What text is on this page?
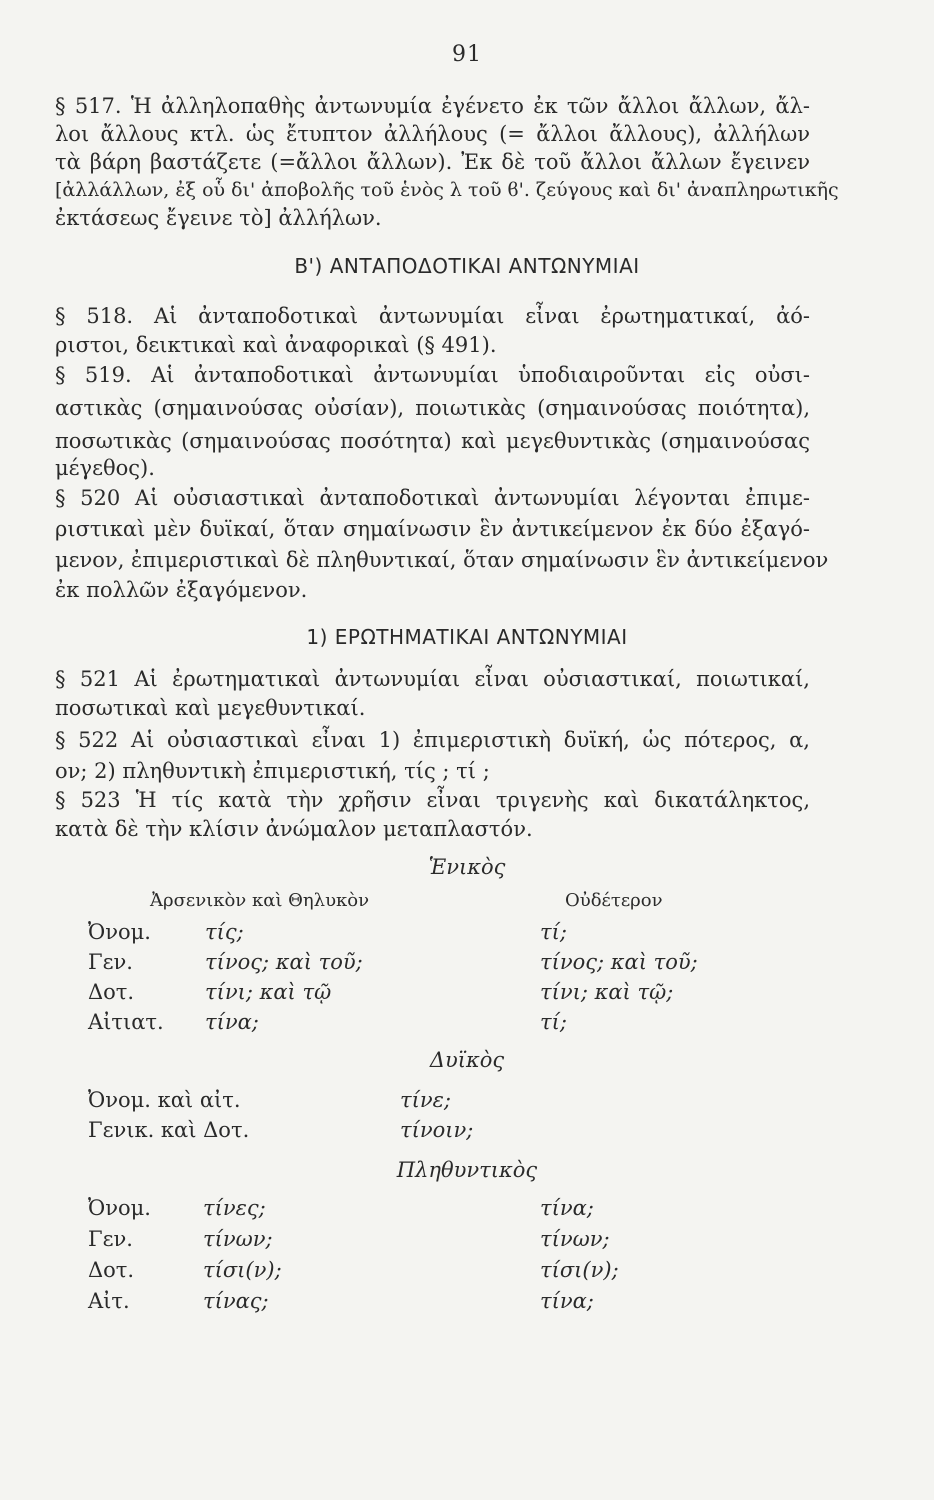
91
§ 517. Ἡ ἀλληλοπαθὴς ἀντωνυμία ἐγένετο ἐκ τῶν ἄλλοι ἄλλων, ἄλ-
λοι ἄλλους κτλ. ὡς ἔτυπτον ἀλλήλους (= ἄλλοι ἄλλους), ἀλλήλων
τὰ βάρη βαστάζετε (=ἄλλοι ἄλλων). Ἐκ δὲ τοῦ ἄλλοι ἄλλων ἔγεινεν
[ἀλλάλλων, ἐξ οὗ δι' ἀποβολῆς τοῦ ἑνὸς λ τοῦ ϐ'. ζεύγους καὶ δι' ἀναπληρωτικῆς
ἐκτάσεως ἔγεινε τὸ] ἀλλήλων.
Β') ΑΝΤΑΠΟΔΟΤΙΚΑΙ ΑΝΤΩΝΥΜΙΑΙ
§ 518. Αἱ ἀνταποδοτικαὶ ἀντωνυμίαι εἶναι ἐρωτηματικαί, ἀό-
ριστοι, δεικτικαὶ καὶ ἀναφορικαὶ (§ 491).
§ 519. Αἱ ἀνταποδοτικαὶ ἀντωνυμίαι ὑποδιαιροῦνται εἰς οὐσι-
αστικὰς (σημαινούσας οὐσίαν), ποιωτικὰς (σημαινούσας ποιότητα),
ποσωτικὰς (σημαινούσας ποσότητα) καὶ μεγεθυντικὰς (σημαινούσας
μέγεθος).
§ 520 Αἱ οὐσιαστικαὶ ἀνταποδοτικαὶ ἀντωνυμίαι λέγονται ἐπιμε-
ριστικαὶ μὲν δυϊκαί, ὅταν σημαίνωσιν ἓν ἀντικείμενον ἐκ δύο ἐξαγό-
μενον, ἐπιμεριστικαὶ δὲ πληθυντικαί, ὅταν σημαίνωσιν ἓν ἀντικείμενον
ἐκ πολλῶν ἐξαγόμενον.
1) ΕΡΩΤΗΜΑΤΙΚΑΙ ΑΝΤΩΝΥΜΙΑΙ
§ 521 Αἱ ἐρωτηματικαὶ ἀντωνυμίαι εἶναι οὐσιαστικαί, ποιωτικαί,
ποσωτικαὶ καὶ μεγεθυντικαί.
§ 522 Αἱ οὐσιαστικαὶ εἶναι 1) ἐπιμεριστικὴ δυϊκή, ὡς πότερος, α,
ον; 2) πληθυντικὴ ἐπιμεριστική, τίς ; τί ;
§ 523 Ἡ τίς κατὰ τὴν χρῆσιν εἶναι τριγενὴς καὶ δικατάληκτος,
κατὰ δὲ τὴν κλίσιν ἀνώμαλον μεταπλαστόν.
Ἑνικὸς
Ἀρσενικὸν καὶ Θηλυκὸν	Οὐδέτερον
Ὀνομ.	τίς;	τί;
Γεν.	τίνος; καὶ τοῦ;	τίνος; καὶ τοῦ;
Δοτ.	τίνι; καὶ τῷ	τίνι; καὶ τῷ;
Αἰτιατ. τίνα;	τί;
Δυϊκὸς
Ὀνομ. καὶ αἰτ.	τίνε;
Γενικ. καὶ Δοτ.	τίνοιν;
Πληθυντικὸς
Ὀνομ. τίνες;	τίνα;
Γεν.	τίνων;	τίνων;
Δοτ.	τίσι(ν);	τίσι(ν);
Αἰτ.	τίνας;	τίνα;
